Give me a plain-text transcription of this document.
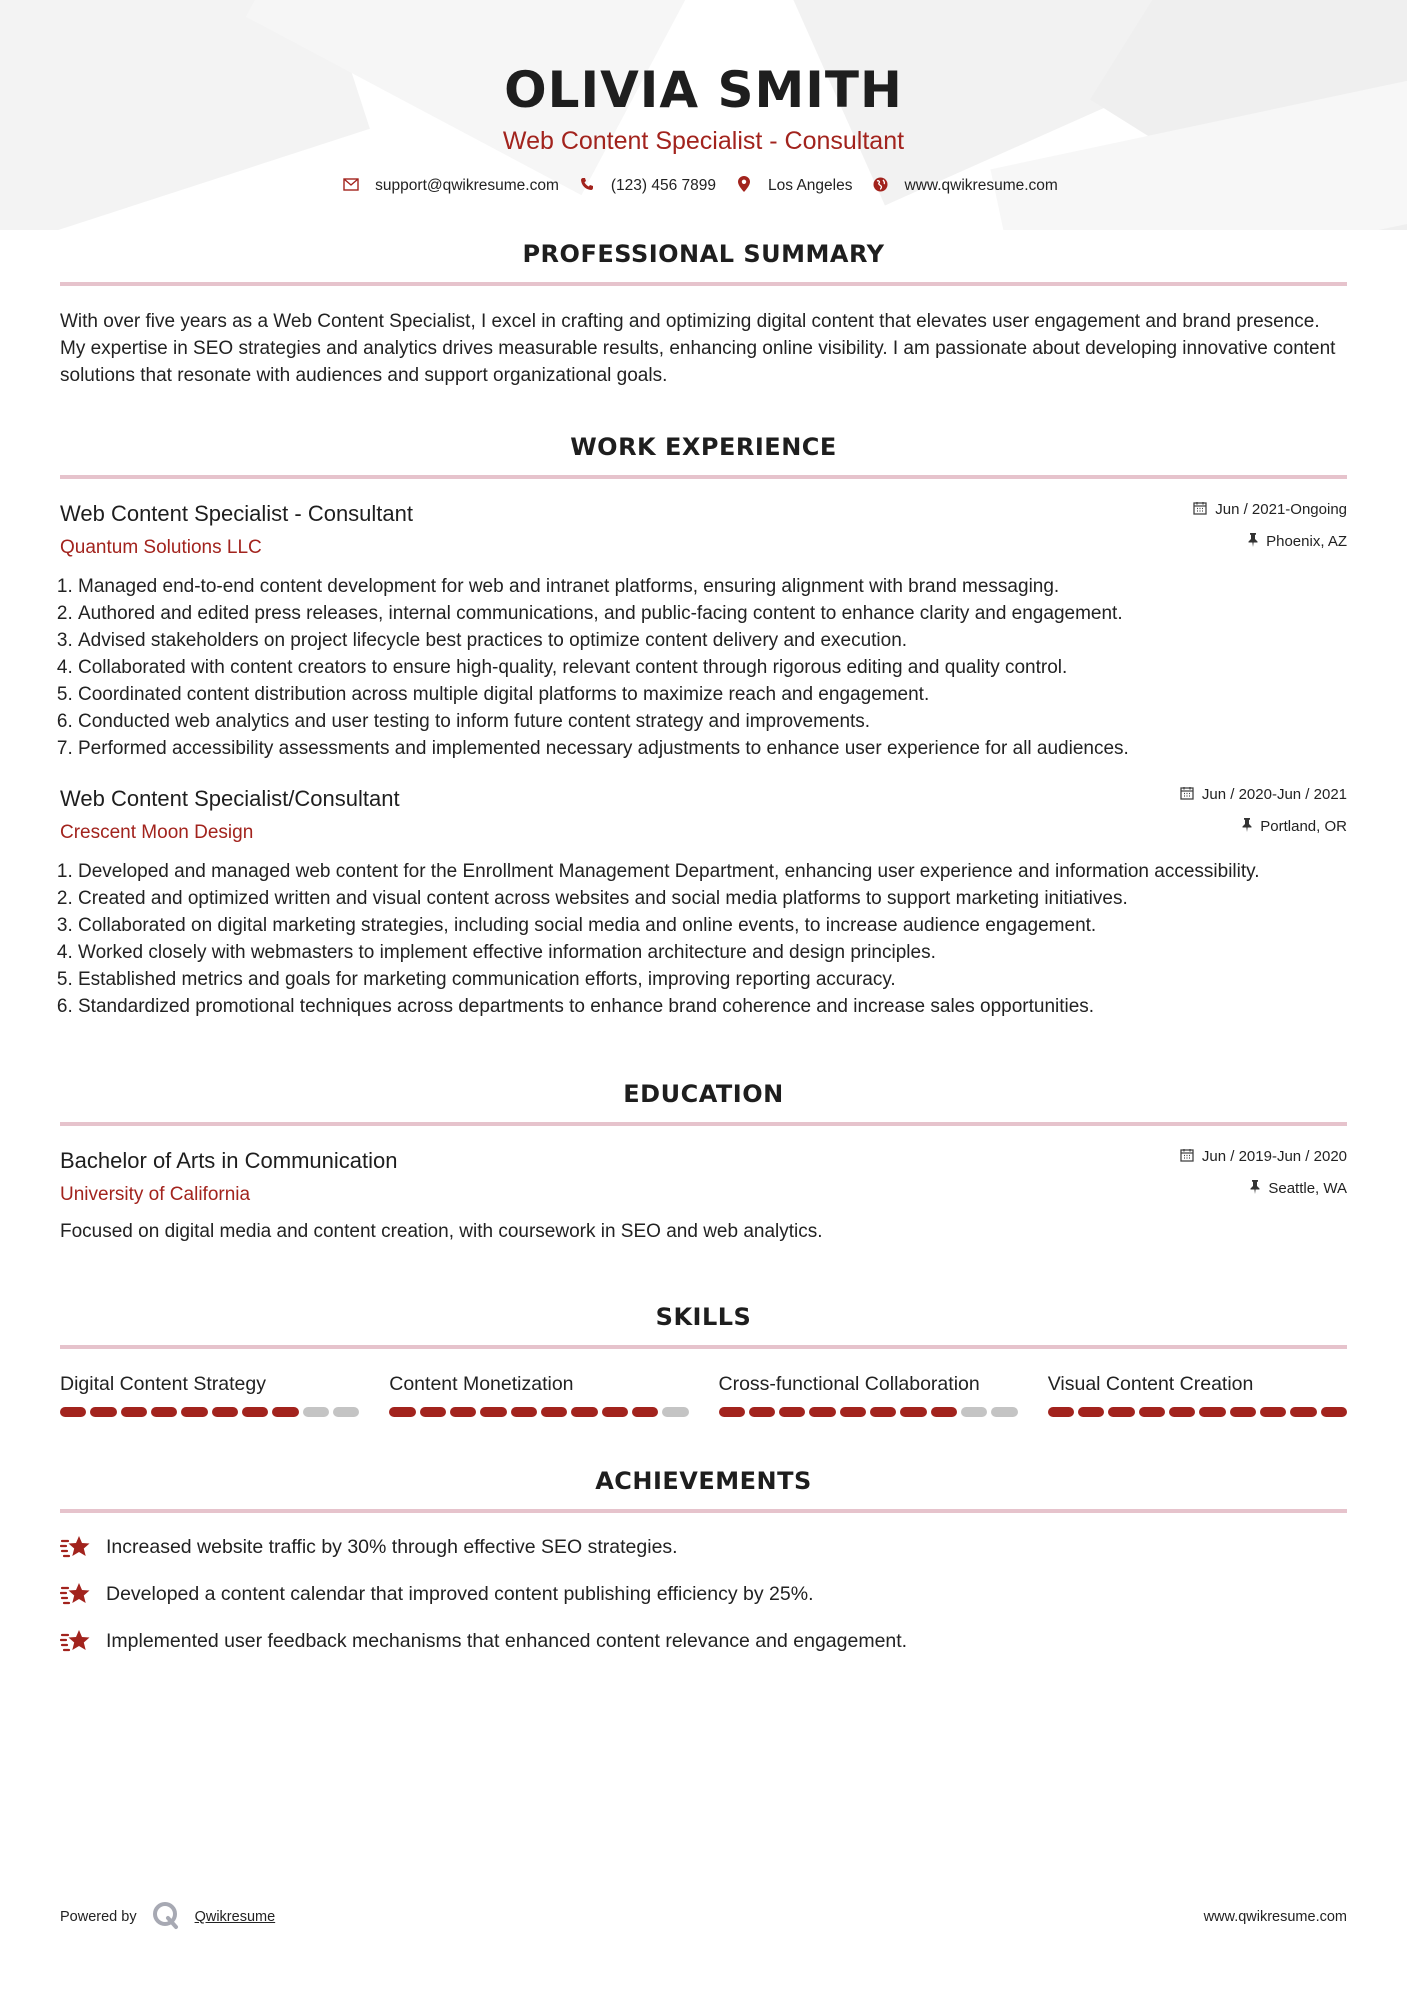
OLIVIA SMITH
Web Content Specialist - Consultant
support@qwikresume.com	(123) 456 7899	Los Angeles	www.qwikresume.com
PROFESSIONAL SUMMARY

With over five years as a Web Content Specialist, I excel in crafting and optimizing digital content that elevates user engagement and brand presence. My expertise in SEO strategies and analytics drives measurable results, enhancing online visibility. I am passionate about developing innovative content solutions that resonate with audiences and support organizational goals.

WORK EXPERIENCE
Web Content Specialist - Consultant
Quantum Solutions LLC
Jun / 2021-Ongoing
Phoenix, AZ
1. Managed end-to-end content development for web and intranet platforms, ensuring alignment with brand messaging.
2. Authored and edited press releases, internal communications, and public-facing content to enhance clarity and engagement.
3. Advised stakeholders on project lifecycle best practices to optimize content delivery and execution.
4. Collaborated with content creators to ensure high-quality, relevant content through rigorous editing and quality control.
5. Coordinated content distribution across multiple digital platforms to maximize reach and engagement.
6. Conducted web analytics and user testing to inform future content strategy and improvements.
7. Performed accessibility assessments and implemented necessary adjustments to enhance user experience for all audiences.
Web Content Specialist/Consultant
Crescent Moon Design
Jun / 2020-Jun / 2021
Portland, OR
1. Developed and managed web content for the Enrollment Management Department, enhancing user experience and information accessibility.
2. Created and optimized written and visual content across websites and social media platforms to support marketing initiatives.
3. Collaborated on digital marketing strategies, including social media and online events, to increase audience engagement.
4. Worked closely with webmasters to implement effective information architecture and design principles.
5. Established metrics and goals for marketing communication efforts, improving reporting accuracy.
6. Standardized promotional techniques across departments to enhance brand coherence and increase sales opportunities.
EDUCATION
Bachelor of Arts in Communication
University of California
Jun / 2019-Jun / 2020
Seattle, WA

Focused on digital media and content creation, with coursework in SEO and web analytics.

SKILLS
Digital Content Strategy	Content Monetization	Cross-functional Collaboration	Visual Content Creation
ACHIEVEMENTS
Increased website traffic by 30% through effective SEO strategies.
Developed a content calendar that improved content publishing efficiency by 25%.
Implemented user feedback mechanisms that enhanced content relevance and engagement.
Powered by	Qwikresume	www.qwikresume.com
